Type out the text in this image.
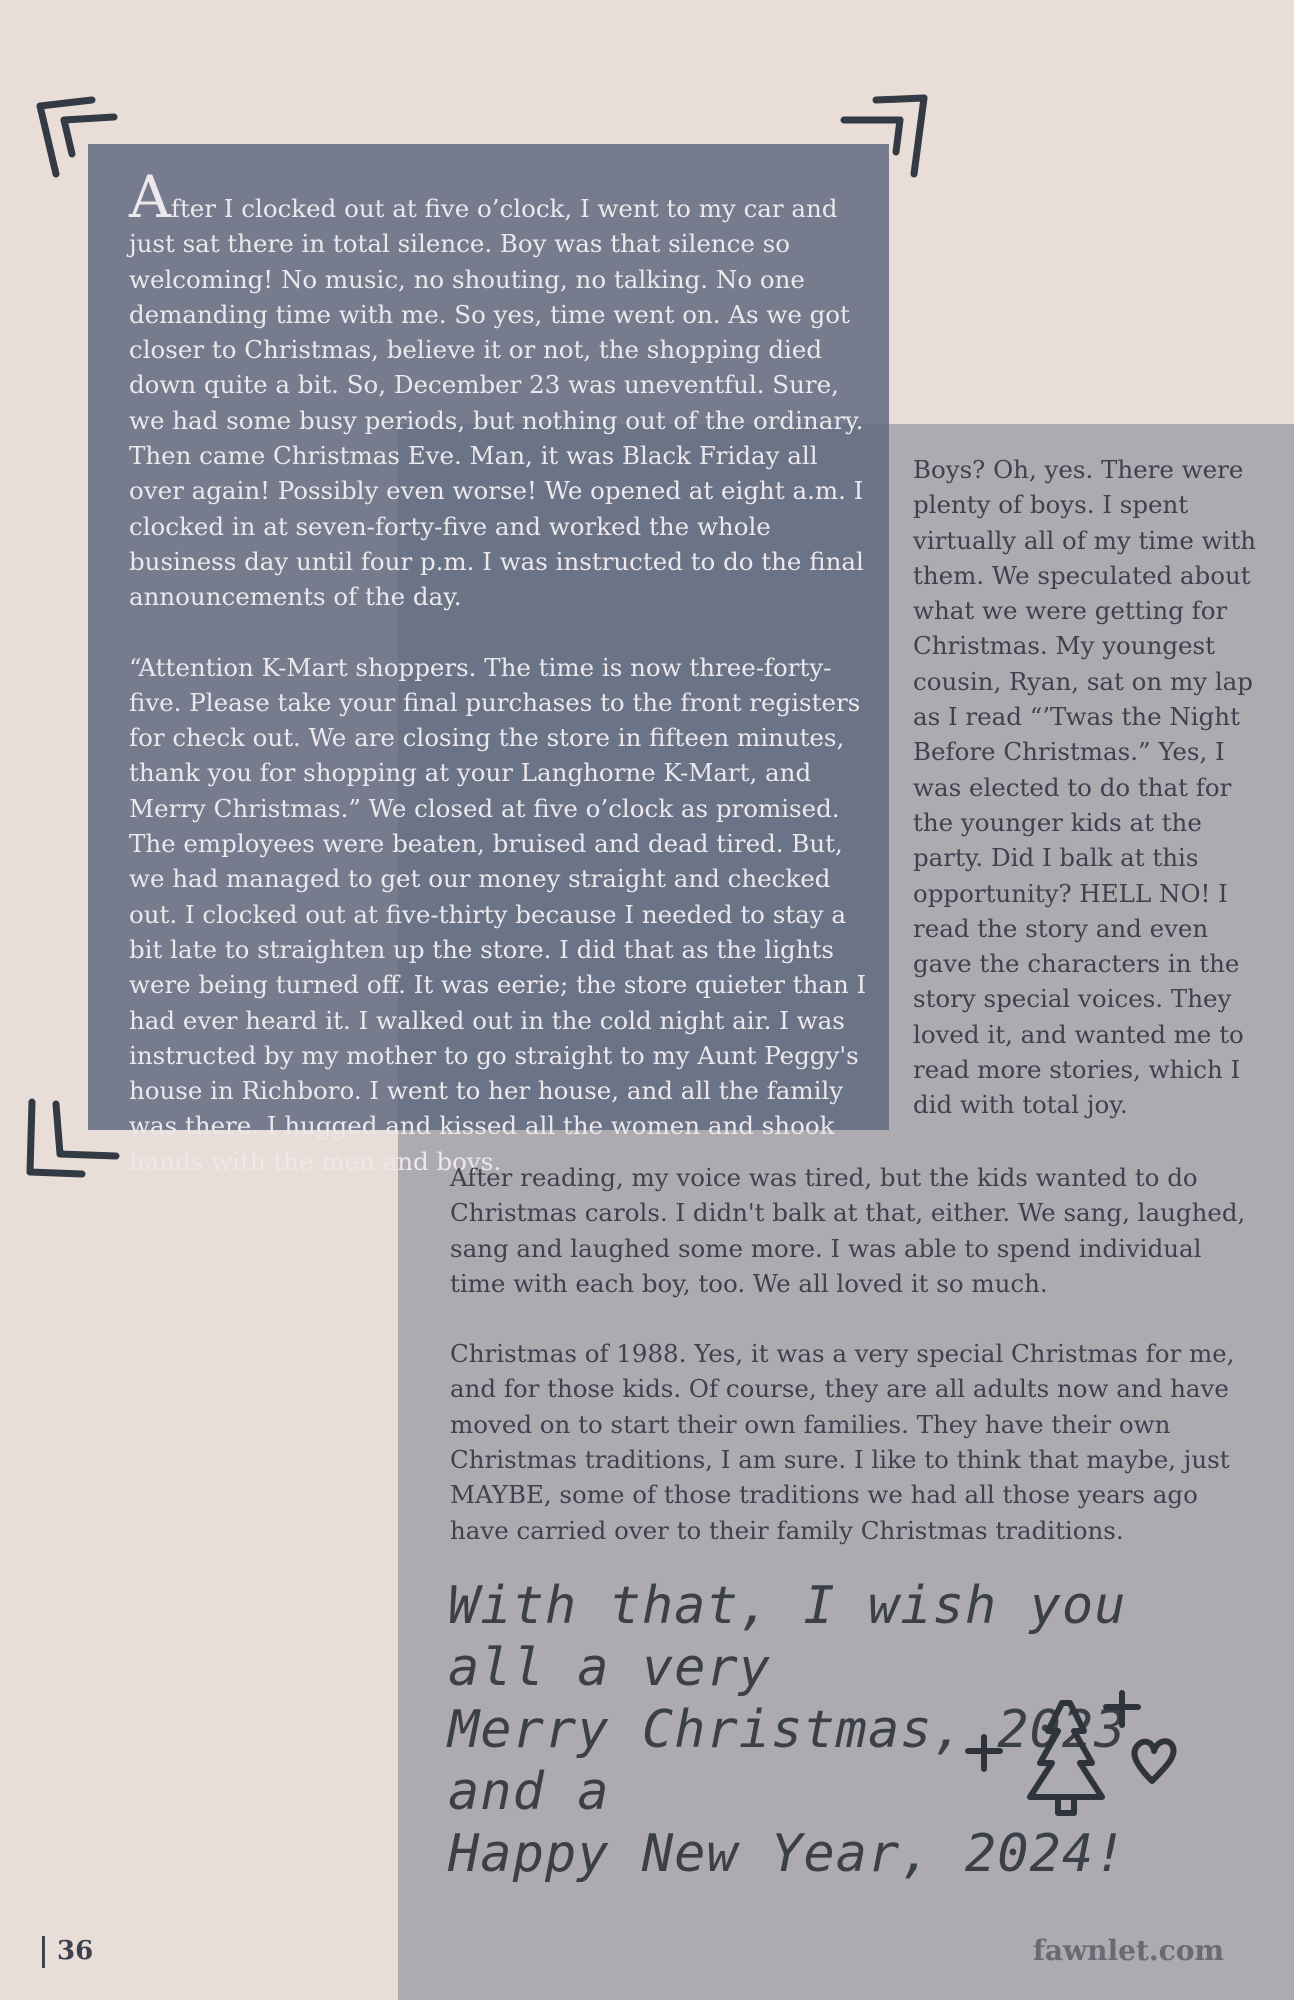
After I clocked out at five o’clock, I went to my car and just sat there in total silence. Boy was that silence so welcoming! No music, no shouting, no talking. No one demanding time with me. So yes, time went on. As we got closer to Christmas, believe it or not, the shopping died down quite a bit. So, December 23 was uneventful. Sure, we had some busy periods, but nothing out of the ordinary. Then came Christmas Eve. Man, it was Black Friday all over again! Possibly even worse! We opened at eight a.m. I clocked in at seven-forty-five and worked the whole business day until four p.m. I was instructed to do the final announcements of the day.

“Attention K-Mart shoppers. The time is now three-forty-five. Please take your final purchases to the front registers for check out. We are closing the store in fifteen minutes, thank you for shopping at your Langhorne K-Mart, and Merry Christmas.” We closed at five o’clock as promised. The employees were beaten, bruised and dead tired. But, we had managed to get our money straight and checked out. I clocked out at five-thirty because I needed to stay a bit late to straighten up the store. I did that as the lights were being turned off. It was eerie; the store quieter than I had ever heard it. I walked out in the cold night air. I was instructed by my mother to go straight to my Aunt Peggy's house in Richboro. I went to her house, and all the family was there. I hugged and kissed all the women and shook hands with the men and boys.

Boys? Oh, yes. There were plenty of boys. I spent virtually all of my time with them. We speculated about what we were getting for Christmas. My youngest cousin, Ryan, sat on my lap as I read “’Twas the Night Before Christmas.” Yes, I was elected to do that for the younger kids at the party. Did I balk at this opportunity? HELL NO! I read the story and even gave the characters in the story special voices. They loved it, and wanted me to read more stories, which I did with total joy.

After reading, my voice was tired, but the kids wanted to do Christmas carols. I didn't balk at that, either. We sang, laughed, sang and laughed some more. I was able to spend individual time with each boy, too. We all loved it so much.

Christmas of 1988. Yes, it was a very special Christmas for me, and for those kids. Of course, they are all adults now and have moved on to start their own families. They have their own Christmas traditions, I am sure. I like to think that maybe, just MAYBE, some of those traditions we had all those years ago have carried over to their family Christmas traditions.

With that, I wish you all a very
Merry Christmas, 2023 and a
Happy New Year, 2024!
36	fawnlet.com
